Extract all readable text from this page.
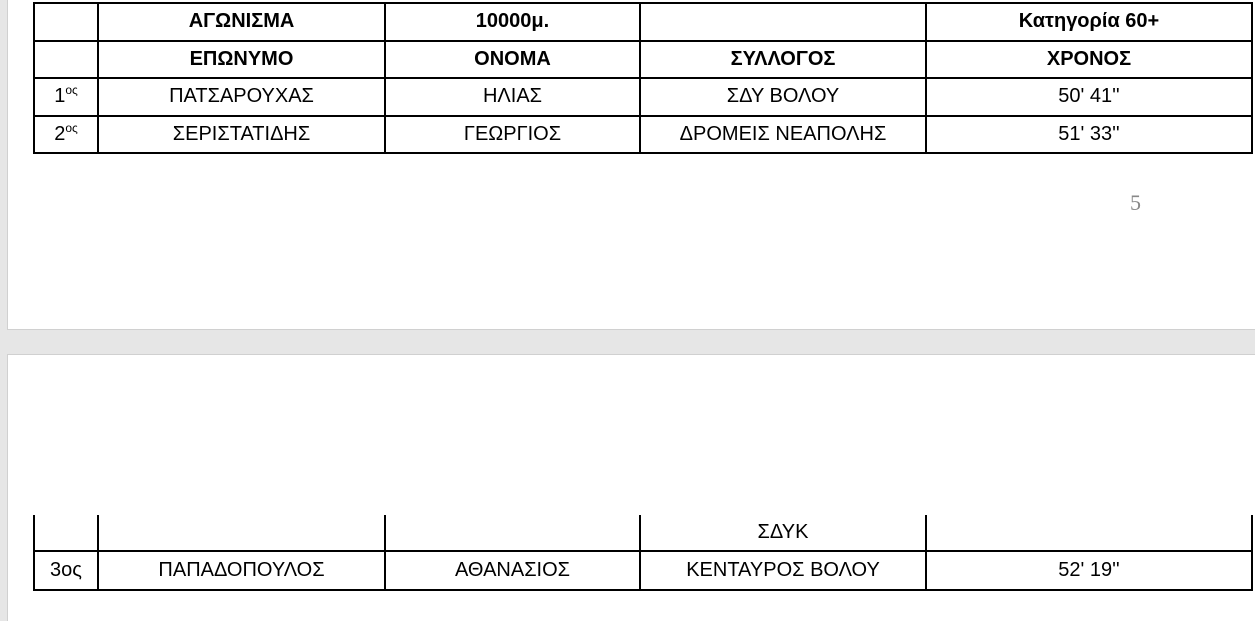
	ΑΓΩΝΙΣΜΑ	10000μ.		Κατηγορία 60+
	ΕΠΩΝΥΜΟ	ΟΝΟΜΑ	ΣΥΛΛΟΓΟΣ	ΧΡΟΝΟΣ
$1^{o\varsigma}$	ΠΑΤΣΑΡΟΥΧΑΣ	ΗΛΙΑΣ	ΣΔΥ ΒΟΛΟΥ	50' 41''
$2^{o\varsigma}$	ΣΕΡΙΣΤΑΤΙΔΗΣ	ΓΕΩΡΓΙΟΣ	ΔΡΟΜΕΙΣ ΝΕΑΠΟΛΗΣ	51' 33''
5
			ΣΔΥΚ	
3ος	ΠΑΠΑΔΟΠΟΥΛΟΣ	ΑΘΑΝΑΣΙΟΣ	ΚΕΝΤΑΥΡΟΣ ΒΟΛΟΥ	52' 19''
